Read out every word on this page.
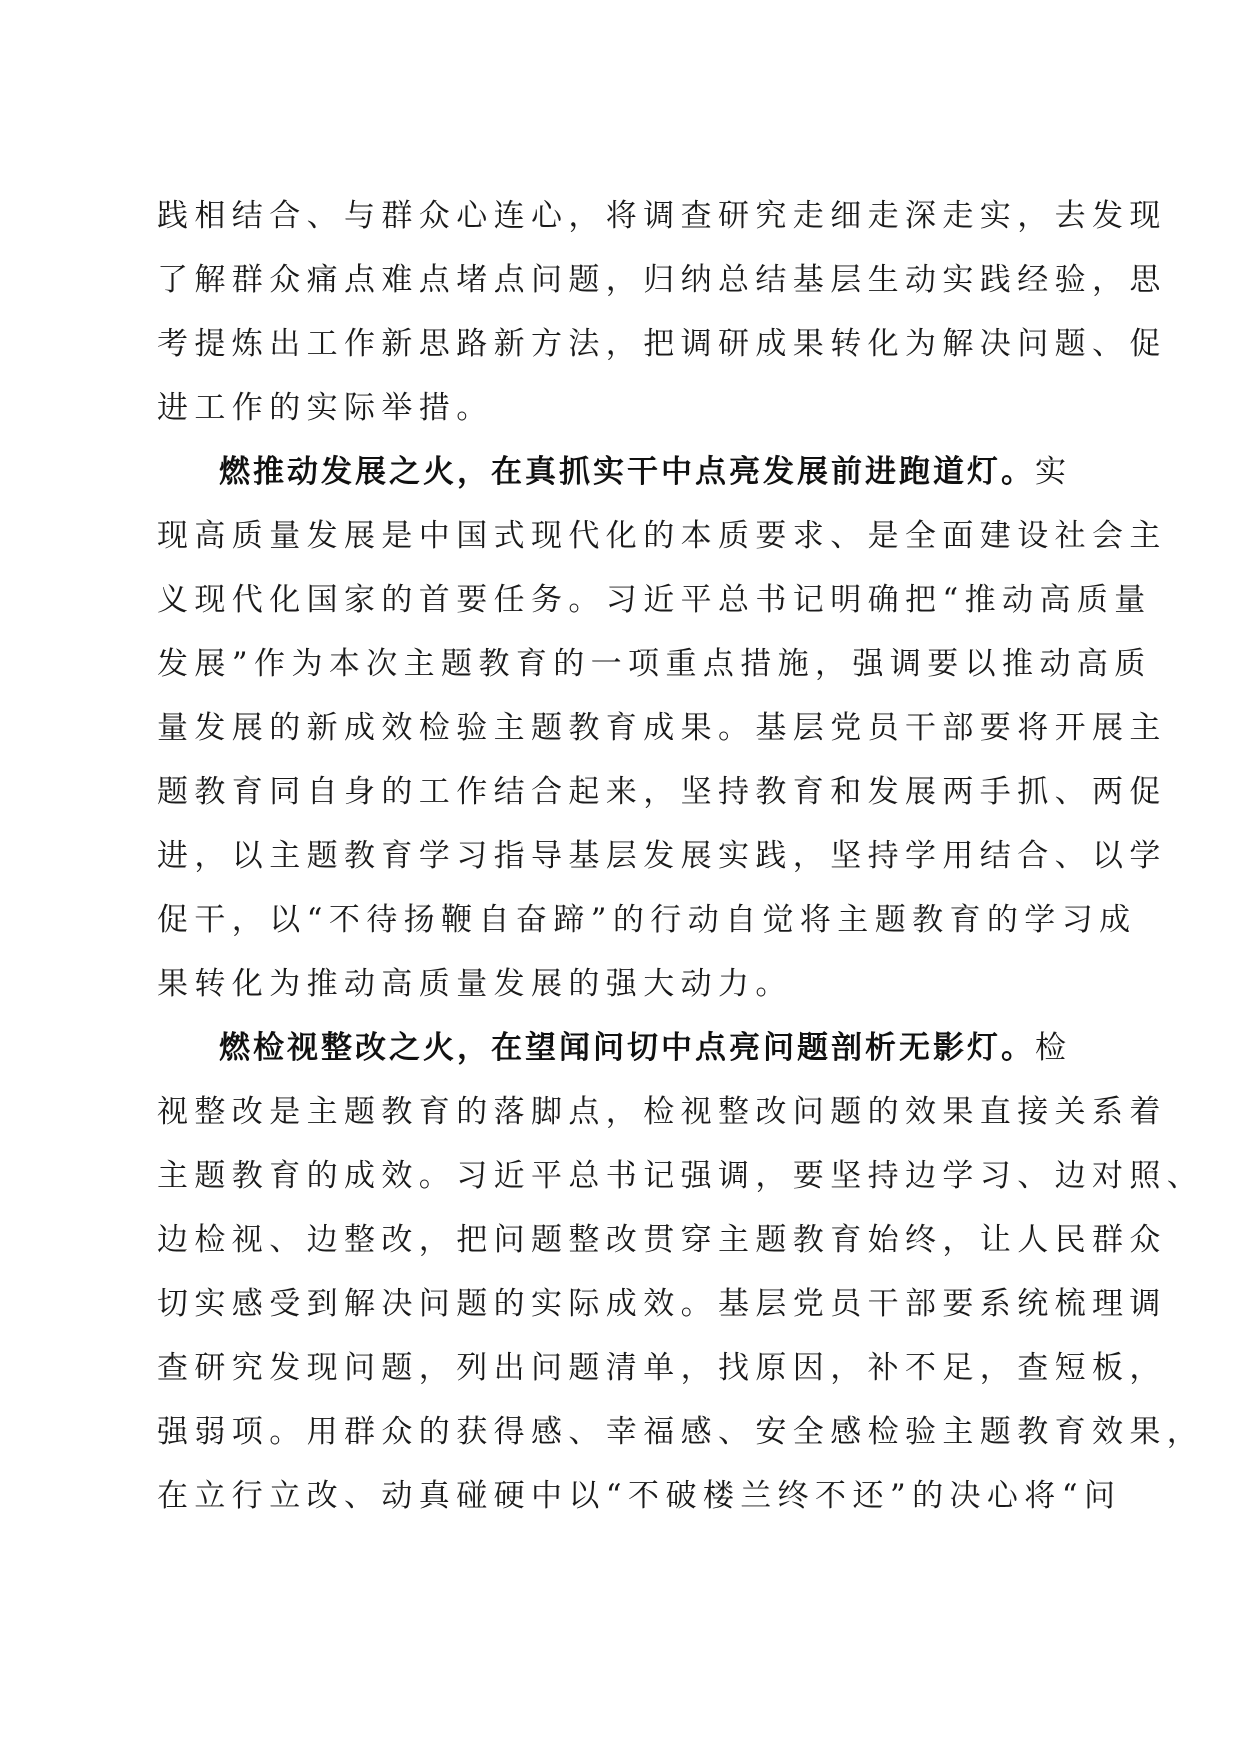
践相结合、与群众心连心，将调查研究走细走深走实，去发现
了解群众痛点难点堵点问题，归纳总结基层生动实践经验，思
考提炼出工作新思路新方法，把调研成果转化为解决问题、促
进工作的实际举措。
燃推动发展之火，在真抓实干中点亮发展前进跑道灯。实
现高质量发展是中国式现代化的本质要求、是全面建设社会主
义现代化国家的首要任务。习近平总书记明确把“推动高质量
发展”作为本次主题教育的一项重点措施，强调要以推动高质
量发展的新成效检验主题教育成果。基层党员干部要将开展主
题教育同自身的工作结合起来，坚持教育和发展两手抓、两促
进，以主题教育学习指导基层发展实践，坚持学用结合、以学
促干，以“不待扬鞭自奋蹄”的行动自觉将主题教育的学习成
果转化为推动高质量发展的强大动力。
燃检视整改之火，在望闻问切中点亮问题剖析无影灯。检
视整改是主题教育的落脚点，检视整改问题的效果直接关系着
主题教育的成效。习近平总书记强调，要坚持边学习、边对照、
边检视、边整改，把问题整改贯穿主题教育始终，让人民群众
切实感受到解决问题的实际成效。基层党员干部要系统梳理调
查研究发现问题，列出问题清单，找原因，补不足，查短板，
强弱项。用群众的获得感、幸福感、安全感检验主题教育效果，
在立行立改、动真碰硬中以“不破楼兰终不还”的决心将“问
